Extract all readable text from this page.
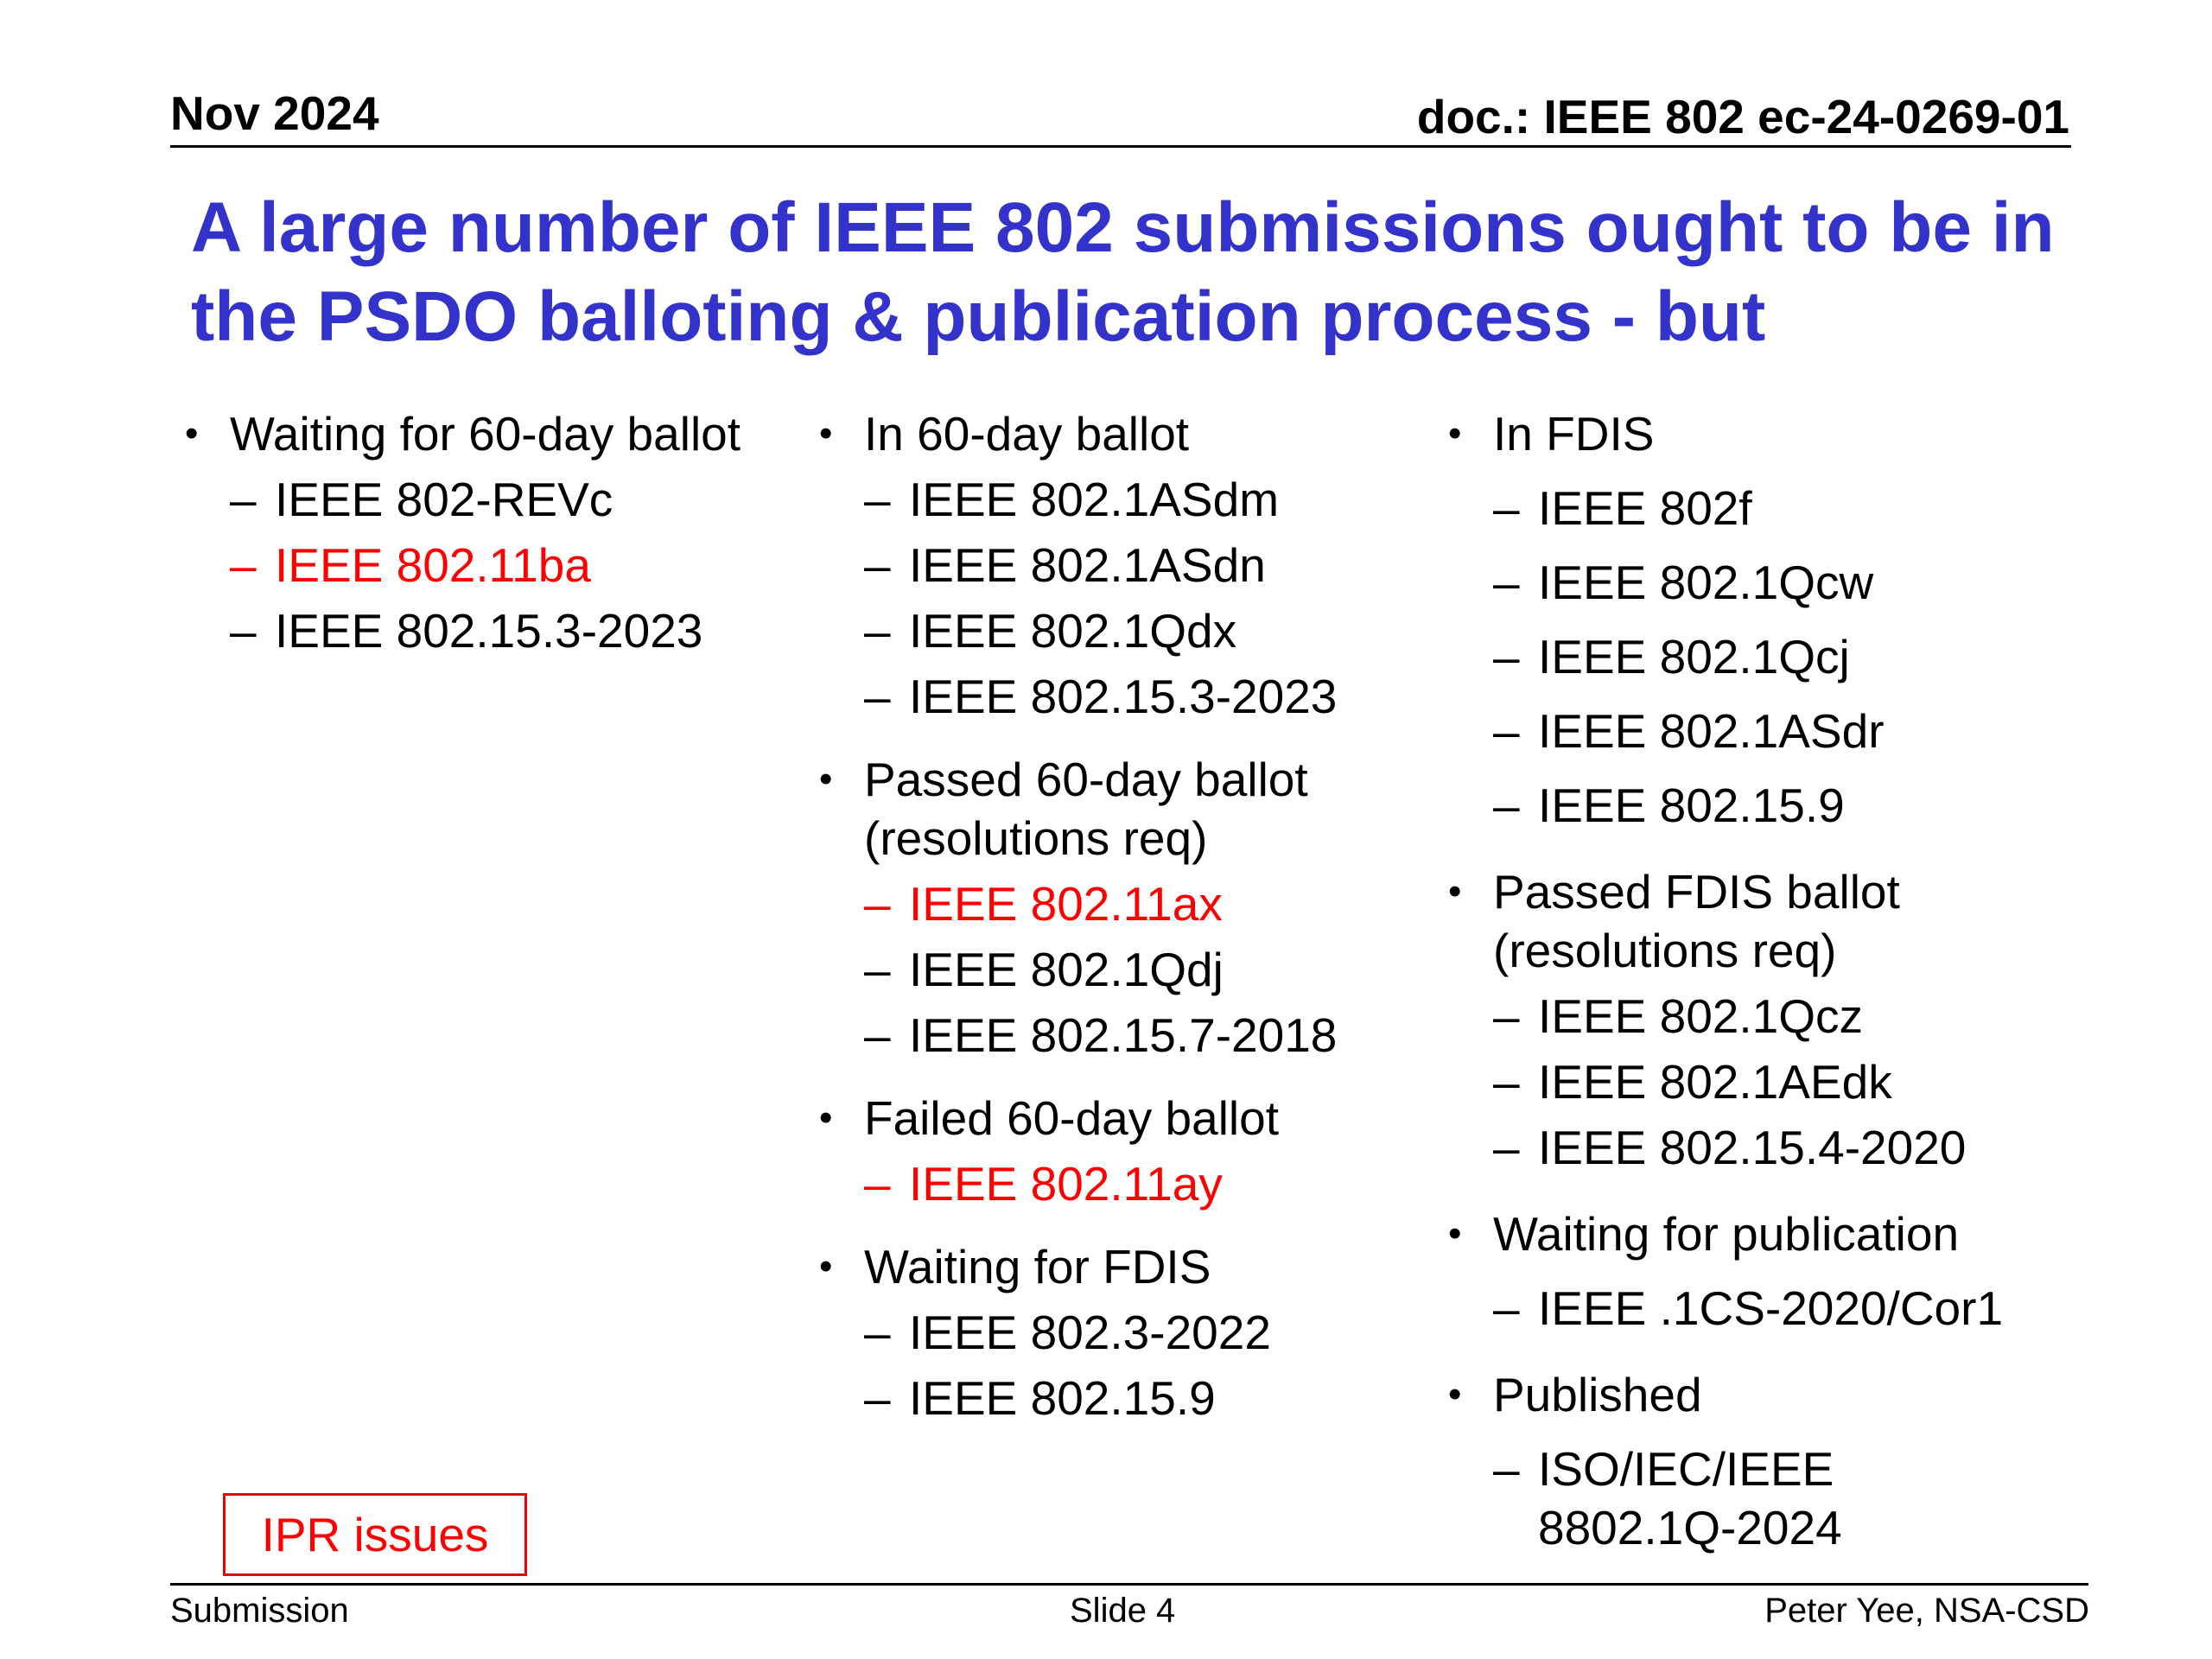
Nov 2024	doc.: IEEE 802 ec-24-0269-01
A large number of IEEE 802 submissions ought to be in the PSDO balloting & publication process - but
• Waiting for 60-day ballot
– IEEE 802-REVc
– IEEE 802.11ba
– IEEE 802.15.3-2023
• In 60-day ballot
– IEEE 802.1ASdm
– IEEE 802.1ASdn
– IEEE 802.1Qdx
– IEEE 802.15.3-2023
• Passed 60-day ballot
(resolutions req)
– IEEE 802.11ax
– IEEE 802.1Qdj
– IEEE 802.15.7-2018
• Failed 60-day ballot
– IEEE 802.11ay
• Waiting for FDIS
– IEEE 802.3-2022
– IEEE 802.15.9
• In FDIS
– IEEE 802f
– IEEE 802.1Qcw
– IEEE 802.1Qcj
– IEEE 802.1ASdr
– IEEE 802.15.9
• Passed FDIS ballot
(resolutions req)
– IEEE 802.1Qcz
– IEEE 802.1AEdk
– IEEE 802.15.4-2020
• Waiting for publication
– IEEE .1CS-2020/Cor1
• Published
– ISO/IEC/IEEE
8802.1Q-2024
IPR issues
Submission	Slide 4	Peter Yee, NSA-CSD
